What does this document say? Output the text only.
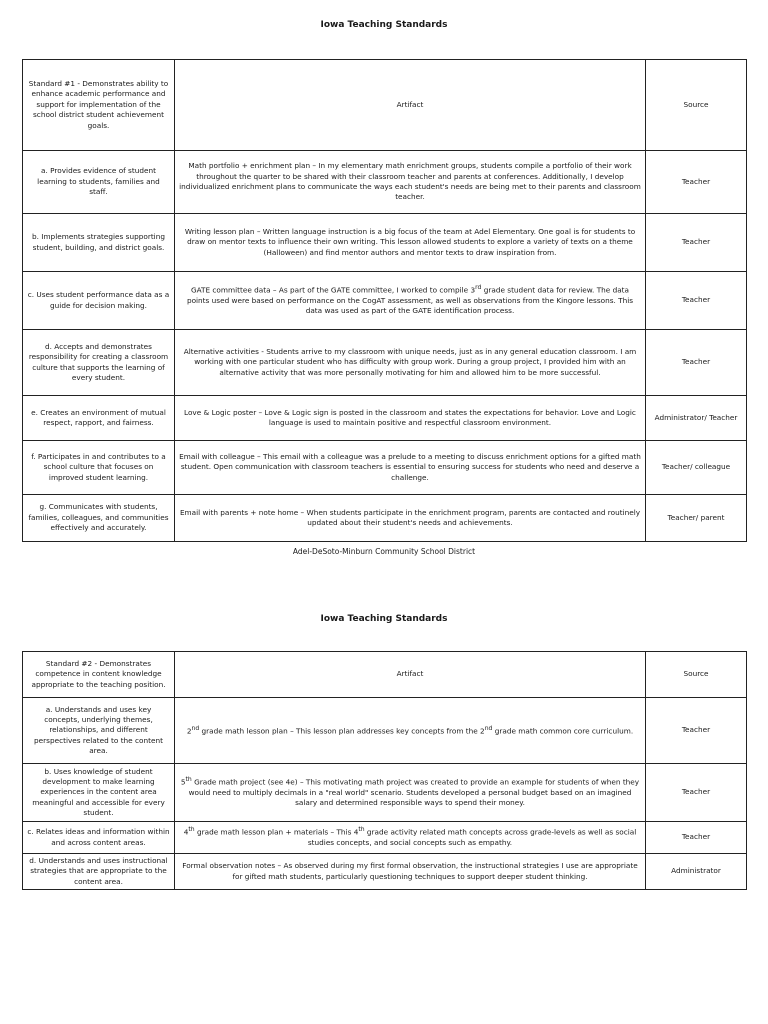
Iowa Teaching Standards
Standard #1 - Demonstrates ability to enhance academic performance and support for implementation of the school district student achievement goals.	Artifact	Source
a. Provides evidence of student learning to students, families and staff.	Math portfolio + enrichment plan – In my elementary math enrichment groups, students compile a portfolio of their work throughout the quarter to be shared with their classroom teacher and parents at conferences. Additionally, I develop individualized enrichment plans to communicate the ways each student's needs are being met to their parents and classroom teacher.	Teacher
b. Implements strategies supporting student, building, and district goals.	Writing lesson plan – Written language instruction is a big focus of the team at Adel Elementary. One goal is for students to draw on mentor texts to influence their own writing. This lesson allowed students to explore a variety of texts on a theme (Halloween) and find mentor authors and mentor texts to draw inspiration from.	Teacher
c. Uses student performance data as a guide for decision making.	GATE committee data – As part of the GATE committee, I worked to compile 3rd grade student data for review. The data points used were based on performance on the CogAT assessment, as well as observations from the Kingore lessons. This data was used as part of the GATE identification process.	Teacher
d. Accepts and demonstrates responsibility for creating a classroom culture that supports the learning of every student.	Alternative activities - Students arrive to my classroom with unique needs, just as in any general education classroom. I am working with one particular student who has difficulty with group work. During a group project, I provided him with an alternative activity that was more personally motivating for him and allowed him to be more successful.	Teacher
e. Creates an environment of mutual respect, rapport, and fairness.	Love & Logic poster – Love & Logic sign is posted in the classroom and states the expectations for behavior. Love and Logic language is used to maintain positive and respectful classroom environment.	Administrator/ Teacher
f. Participates in and contributes to a school culture that focuses on improved student learning.	Email with colleague – This email with a colleague was a prelude to a meeting to discuss enrichment options for a gifted math student. Open communication with classroom teachers is essential to ensuring success for students who need and deserve a challenge.	Teacher/ colleague
g. Communicates with students, families, colleagues, and communities effectively and accurately.	Email with parents + note home – When students participate in the enrichment program, parents are contacted and routinely updated about their student's needs and achievements.	Teacher/ parent
Adel-DeSoto-Minburn Community School District
Iowa Teaching Standards
Standard #2 - Demonstrates competence in content knowledge appropriate to the teaching position.	Artifact	Source
a. Understands and uses key concepts, underlying themes, relationships, and different perspectives related to the content area.	2nd grade math lesson plan – This lesson plan addresses key concepts from the 2nd grade math common core curriculum.	Teacher
b. Uses knowledge of student development to make learning experiences in the content area meaningful and accessible for every student.	5th Grade math project (see 4e) – This motivating math project was created to provide an example for students of when they would need to multiply decimals in a "real world" scenario. Students developed a personal budget based on an imagined salary and determined responsible ways to spend their money.	Teacher
c. Relates ideas and information within and across content areas.	4th grade math lesson plan + materials – This 4th grade activity related math concepts across grade-levels as well as social studies concepts, and social concepts such as empathy.	Teacher
d. Understands and uses instructional strategies that are appropriate to the content area.	Formal observation notes – As observed during my first formal observation, the instructional strategies I use are appropriate for gifted math students, particularly questioning techniques to support deeper student thinking.	Administrator
